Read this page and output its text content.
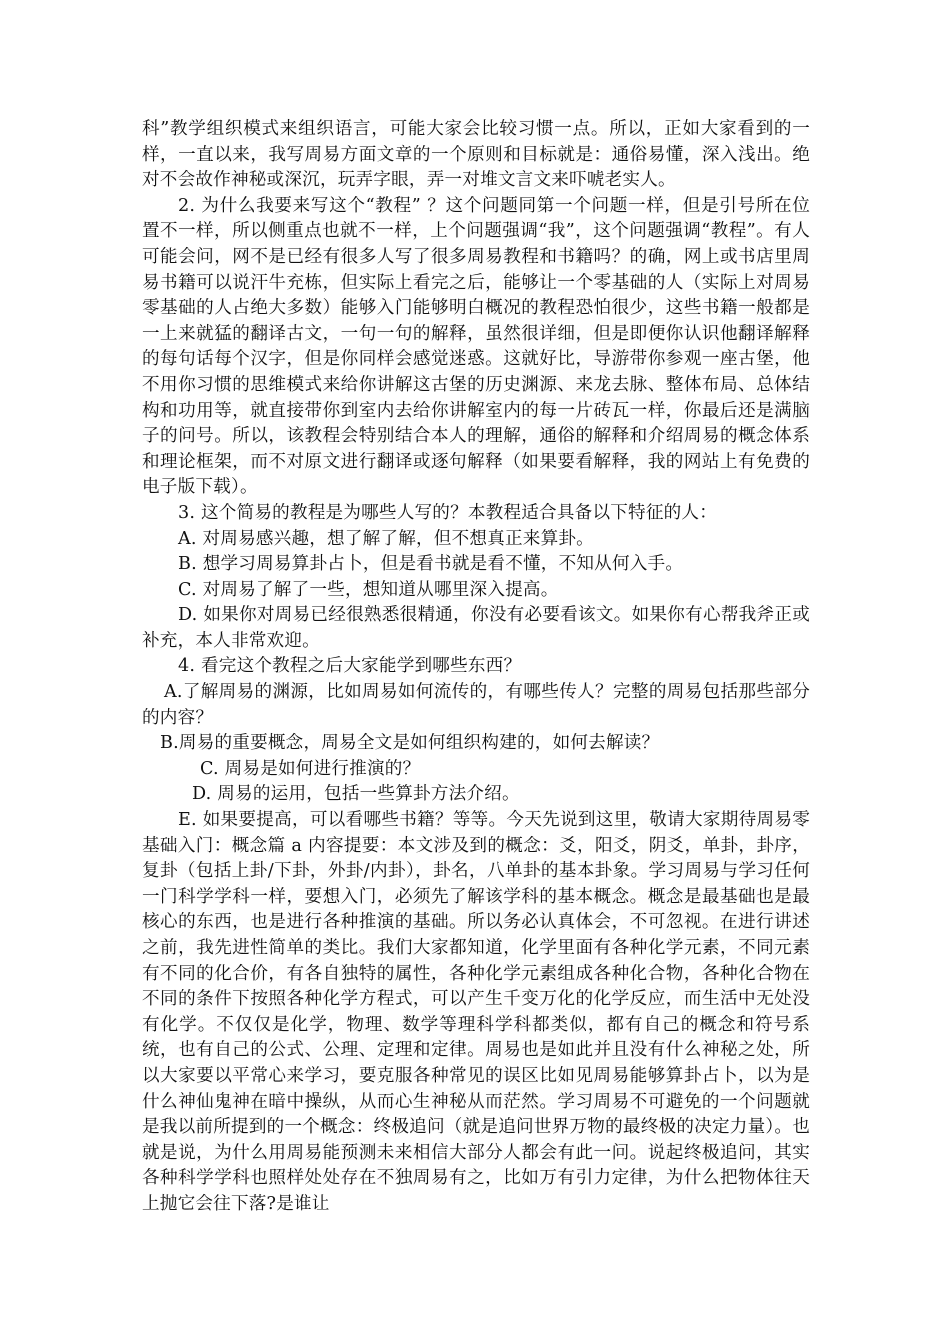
科”教学组织模式来组织语言，可能大家会比较习惯一点。所以，正如大家看到的一样，一直以来，我写周易方面文章的一个原则和目标就是：通俗易懂，深入浅出。绝对不会故作神秘或深沉，玩弄字眼，弄一对堆文言文来吓唬老实人。

2. 为什么我要来写这个“教程” ？这个问题同第一个问题一样，但是引号所在位置不一样，所以侧重点也就不一样，上个问题强调“我”，这个问题强调“教程”。有人可能会问，网不是已经有很多人写了很多周易教程和书籍吗？的确，网上或书店里周易书籍可以说汗牛充栋，但实际上看完之后，能够让一个零基础的人（实际上对周易零基础的人占绝大多数）能够入门能够明白概况的教程恐怕很少，这些书籍一般都是一上来就猛的翻译古文，一句一句的解释，虽然很详细，但是即便你认识他翻译解释的每句话每个汉字，但是你同样会感觉迷惑。这就好比，导游带你参观一座古堡，他不用你习惯的思维模式来给你讲解这古堡的历史渊源、来龙去脉、整体布局、总体结构和功用等，就直接带你到室内去给你讲解室内的每一片砖瓦一样，你最后还是满脑子的问号。所以，该教程会特别结合本人的理解，通俗的解释和介绍周易的概念体系和理论框架，而不对原文进行翻译或逐句解释（如果要看解释，我的网站上有免费的电子版下载）。

3. 这个简易的教程是为哪些人写的？本教程适合具备以下特征的人：

A. 对周易感兴趣，想了解了解，但不想真正来算卦。

B. 想学习周易算卦占卜，但是看书就是看不懂，不知从何入手。

C. 对周易了解了一些，想知道从哪里深入提高。

D. 如果你对周易已经很熟悉很精通，你没有必要看该文。如果你有心帮我斧正或补充，本人非常欢迎。

4. 看完这个教程之后大家能学到哪些东西？

A.了解周易的渊源，比如周易如何流传的，有哪些传人？完整的周易包括那些部分的内容？

B.周易的重要概念，周易全文是如何组织构建的，如何去解读？

C. 周易是如何进行推演的？

D. 周易的运用，包括一些算卦方法介绍。

E. 如果要提高，可以看哪些书籍？等等。今天先说到这里，敬请大家期待周易零基础入门：概念篇 a 内容提要：本文涉及到的概念：爻，阳爻，阴爻，单卦，卦序，复卦（包括上卦/下卦，外卦/内卦），卦名，八单卦的基本卦象。学习周易与学习任何一门科学学科一样，要想入门，必须先了解该学科的基本概念。概念是最基础也是最核心的东西，也是进行各种推演的基础。所以务必认真体会，不可忽视。在进行讲述之前，我先进性简单的类比。我们大家都知道，化学里面有各种化学元素，不同元素有不同的化合价，有各自独特的属性，各种化学元素组成各种化合物，各种化合物在不同的条件下按照各种化学方程式，可以产生千变万化的化学反应，而生活中无处没有化学。不仅仅是化学，物理、数学等理科学科都类似，都有自己的概念和符号系统，也有自己的公式、公理、定理和定律。周易也是如此并且没有什么神秘之处，所以大家要以平常心来学习，要克服各种常见的误区比如见周易能够算卦占卜，以为是什么神仙鬼神在暗中操纵，从而心生神秘从而茫然。学习周易不可避免的一个问题就是我以前所提到的一个概念：终极追问（就是追问世界万物的最终极的决定力量）。也就是说，为什么用周易能预测未来相信大部分人都会有此一问。说起终极追问，其实各种科学学科也照样处处存在不独周易有之，比如万有引力定律，为什么把物体往天上抛它会往下落?是谁让
